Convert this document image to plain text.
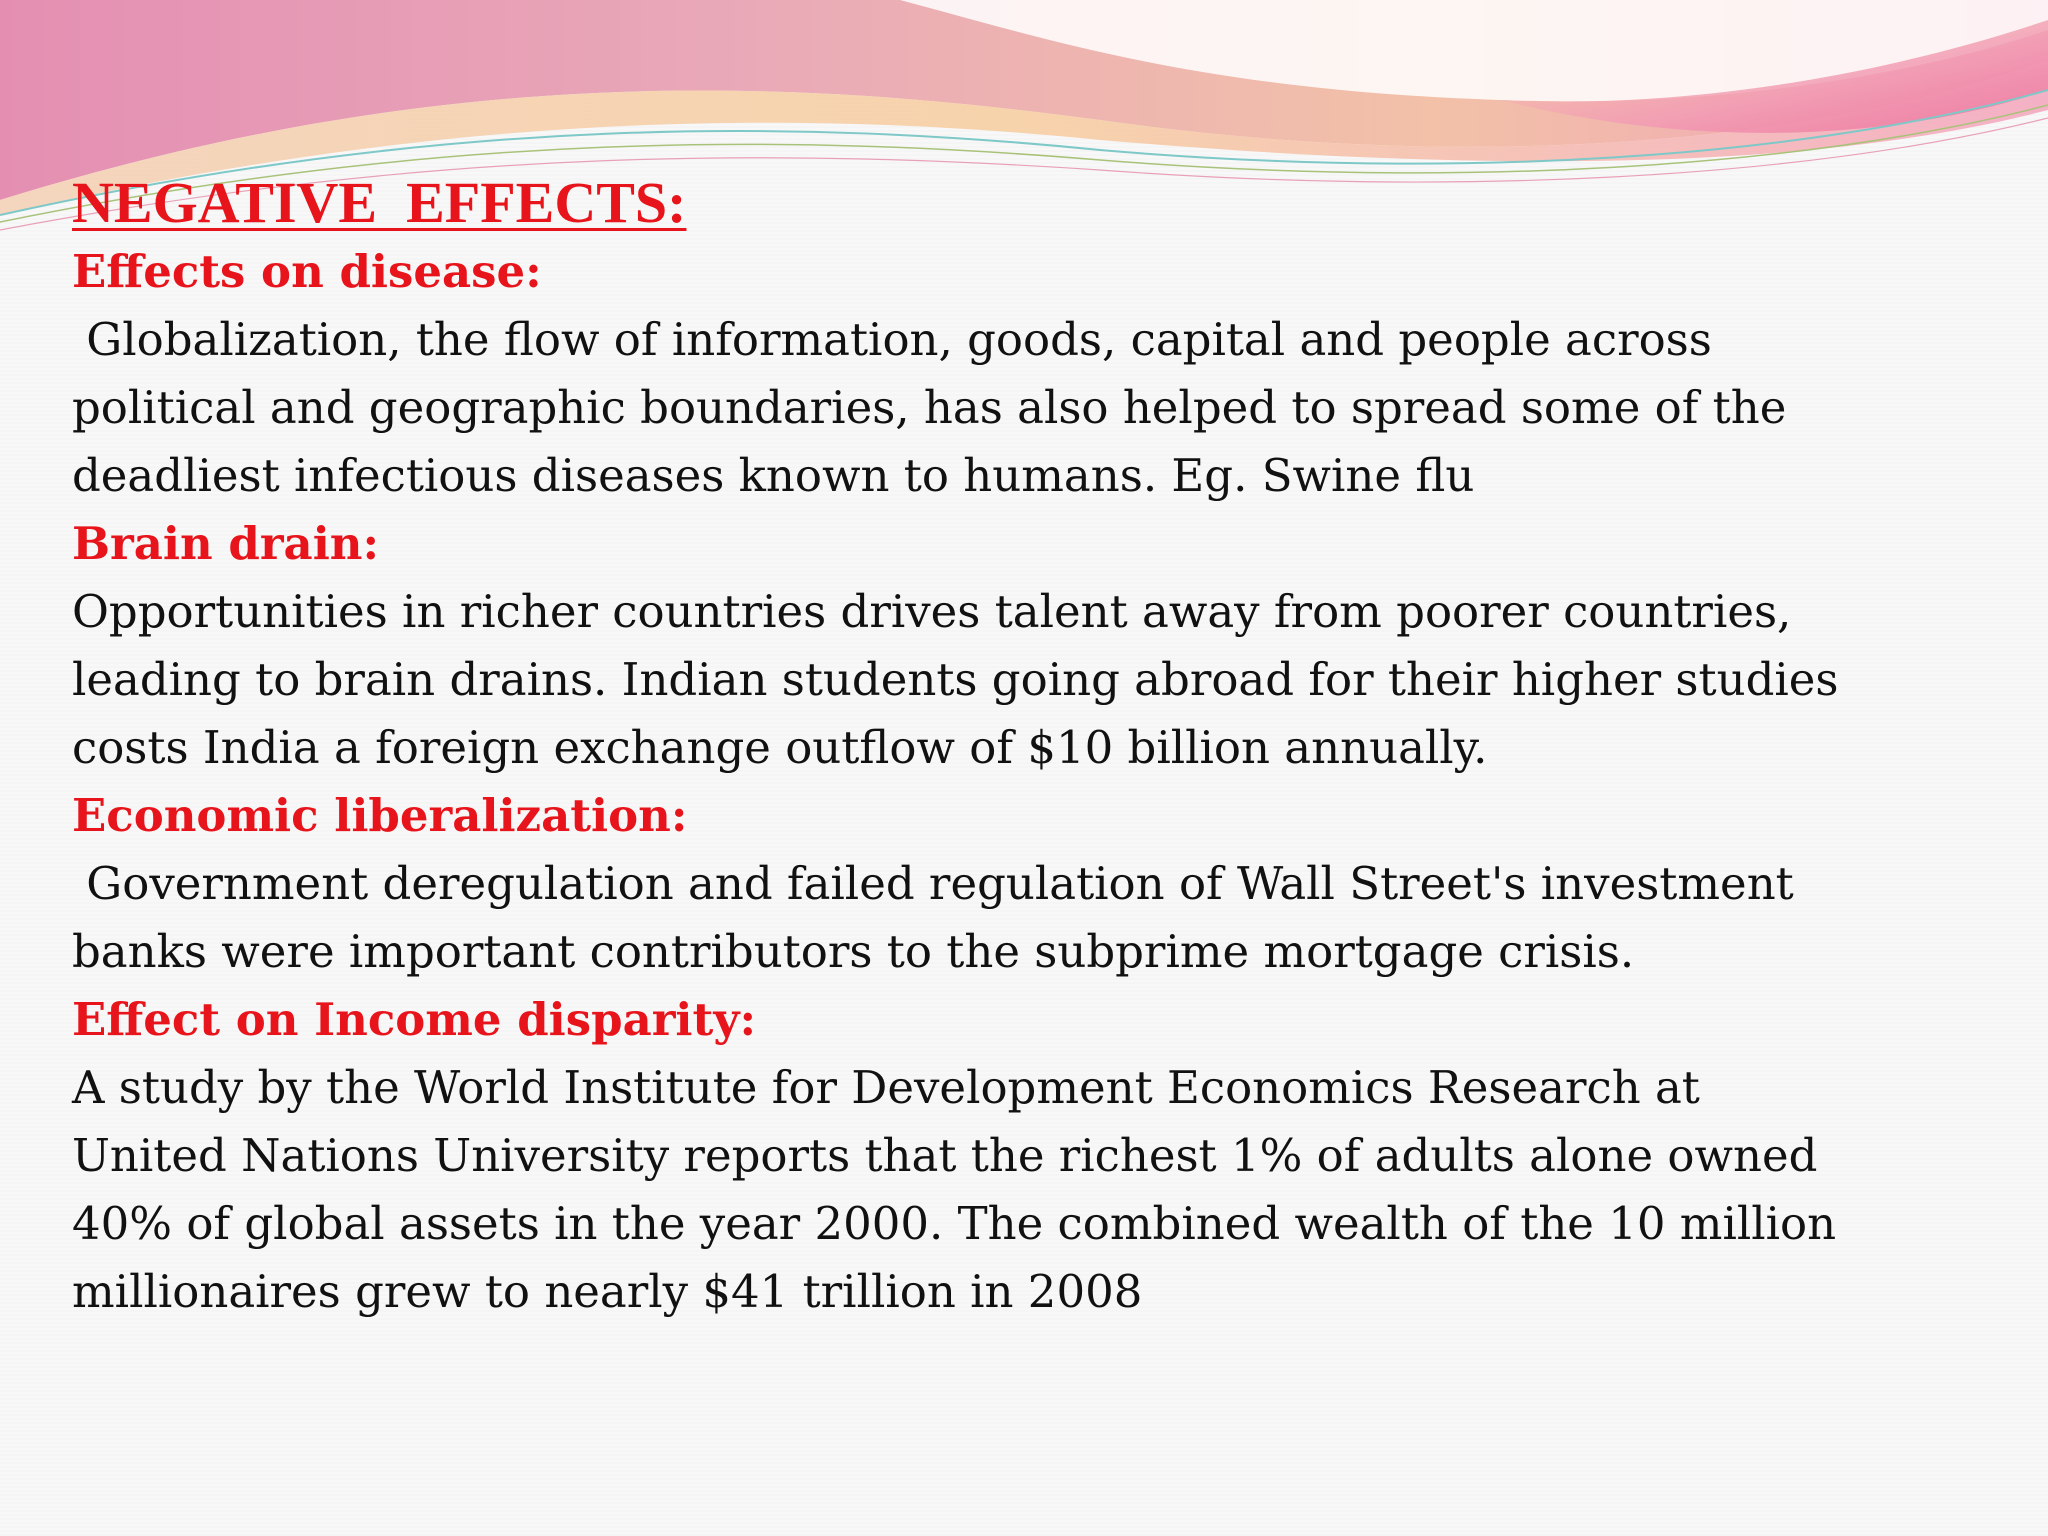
NEGATIVE  EFFECTS:
Effects on disease:
Globalization, the flow of information, goods, capital and people across
political and geographic boundaries, has also helped to spread some of the
deadliest infectious diseases known to humans. Eg. Swine flu
Brain drain:
Opportunities in richer countries drives talent away from poorer countries,
leading to brain drains. Indian students going abroad for their higher studies
costs India a foreign exchange outflow of $10 billion annually.
Economic liberalization:
Government deregulation and failed regulation of Wall Street's investment
banks were important contributors to the subprime mortgage crisis.
Effect on Income disparity:
A study by the World Institute for Development Economics Research at
United Nations University reports that the richest 1% of adults alone owned
40% of global assets in the year 2000. The combined wealth of the 10 million
millionaires grew to nearly $41 trillion in 2008
